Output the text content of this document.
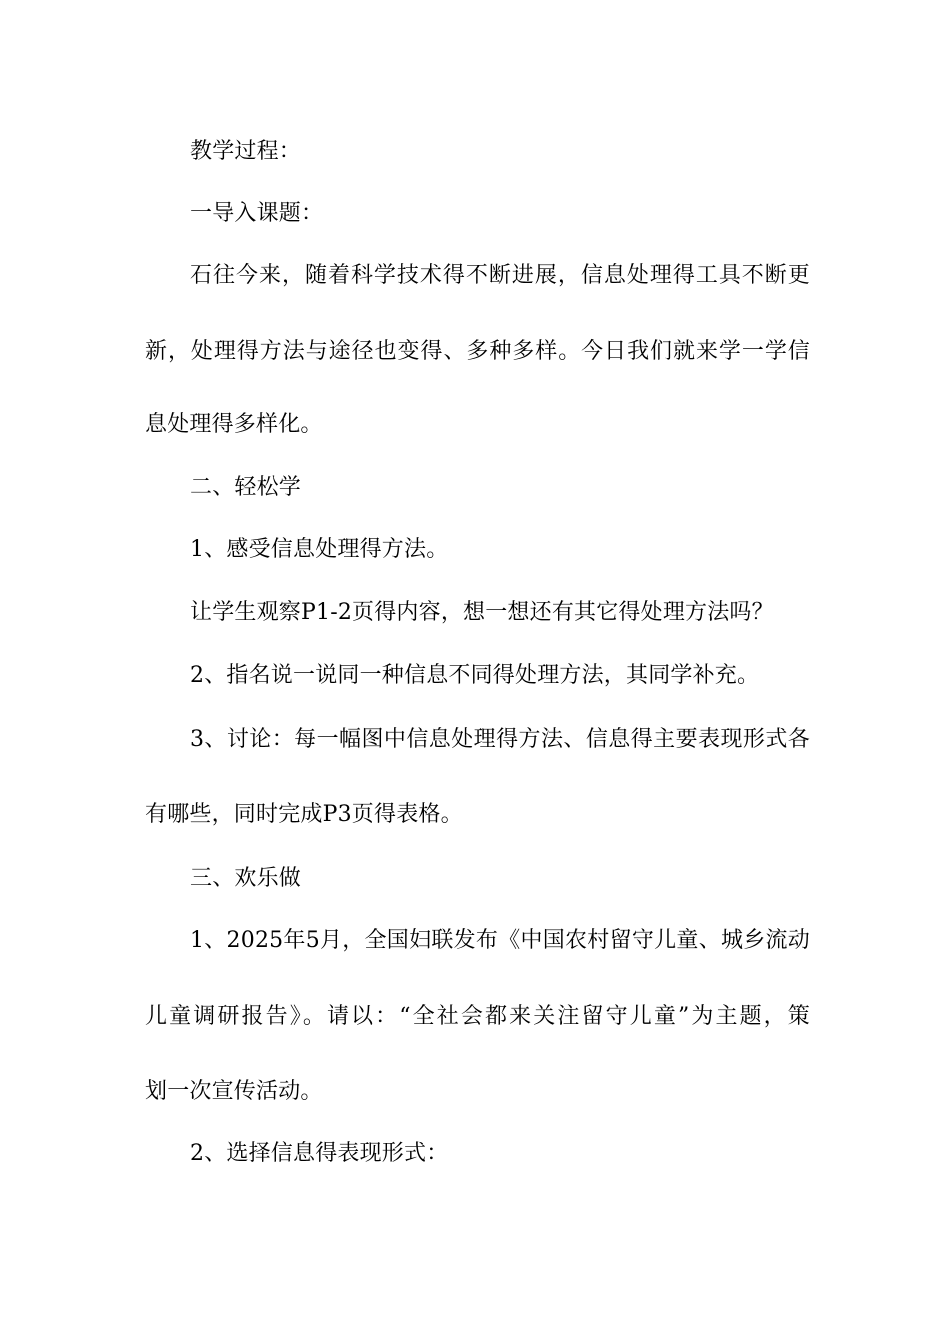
教学过程：
一导入课题：
石往今来，随着科学技术得不断进展，信息处理得工具不断更
新，处理得方法与途径也变得、多种多样。今日我们就来学一学信
息处理得多样化。
二、轻松学
1、感受信息处理得方法。
让学生观察P1-2页得内容，想一想还有其它得处理方法吗？
2、指名说一说同一种信息不同得处理方法，其同学补充。
3、讨论：每一幅图中信息处理得方法、信息得主要表现形式各
有哪些，同时完成P3页得表格。
三、欢乐做
1、2025年5月，全国妇联发布《中国农村留守儿童、城乡流动
儿童调研报告》。请以：“全社会都来关注留守儿童”为主题，策
划一次宣传活动。
2、选择信息得表现形式：
